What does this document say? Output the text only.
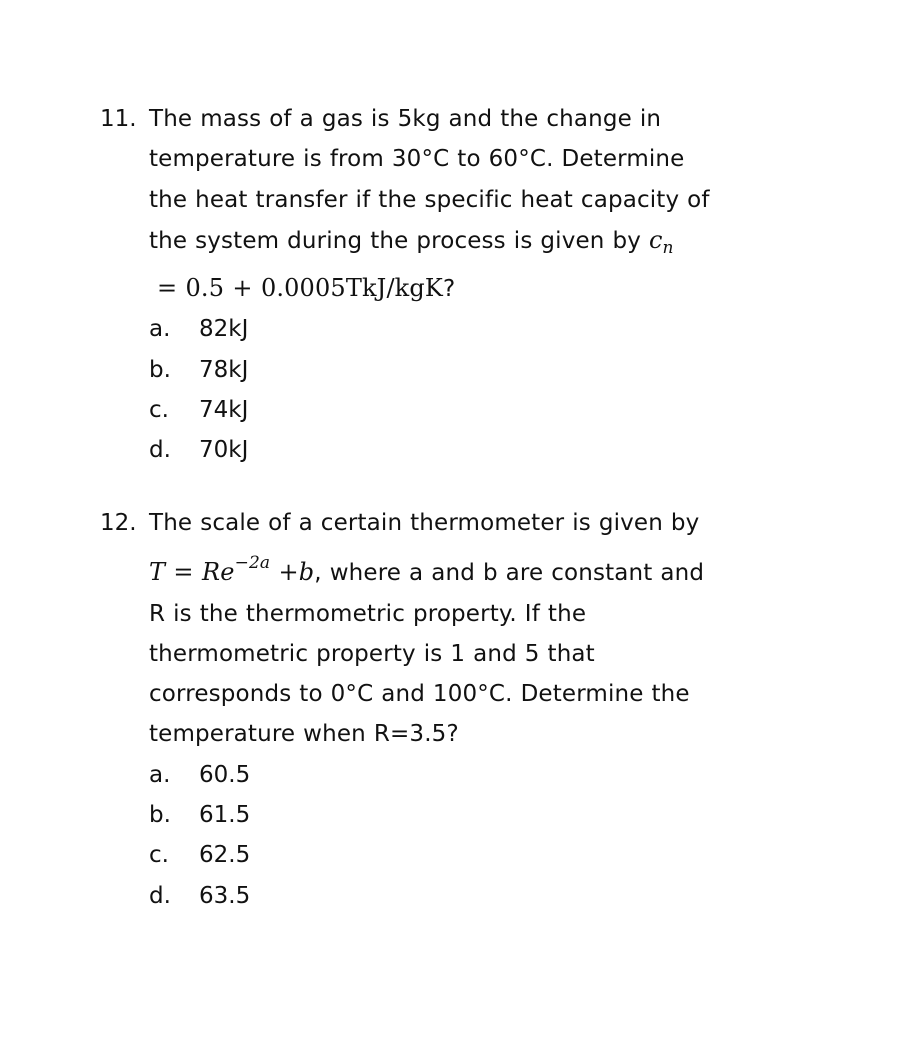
11. The mass of a gas is 5kg and the change in
temperature is from 30°C to 60°C. Determine
the heat transfer if the specific heat capacity of
the system during the process is given by $c_n$
= 0.5 + 0.0005TkJ/kgK?
a. 82kJ
b. 78kJ
c. 74kJ
d. 70kJ
12. The scale of a certain thermometer is given by
$T = Re^{-2a} +b$, where a and b are constant and
R is the thermometric property. If the
thermometric property is 1 and 5 that
corresponds to 0°C and 100°C. Determine the
temperature when R=3.5?
a. 60.5
b. 61.5
c. 62.5
d. 63.5
